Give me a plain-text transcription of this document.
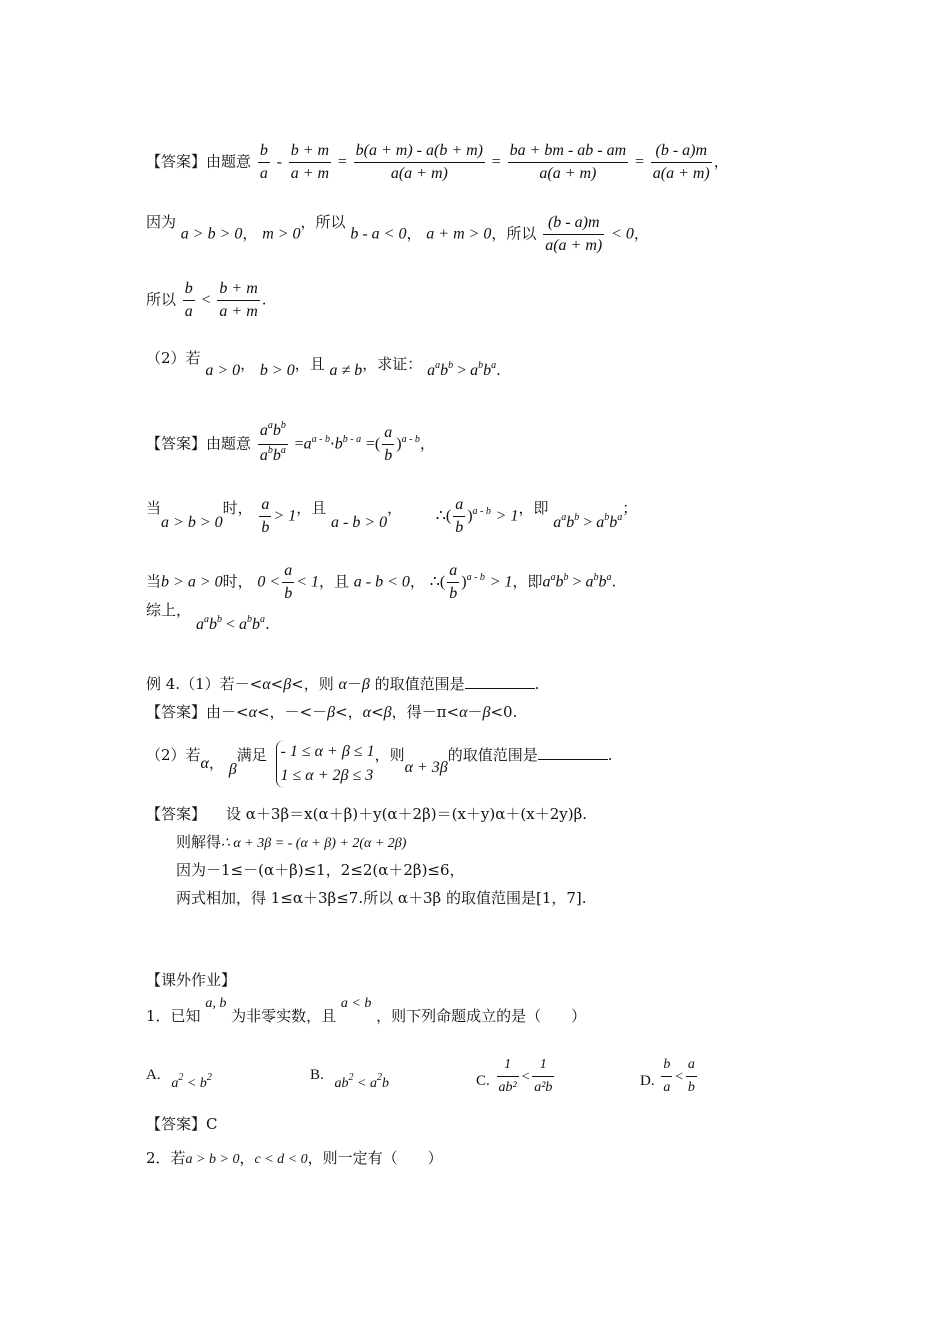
【答案】由题意 $\frac{b}{a} - \frac{b + m}{a + m} = \frac{b(a + m) - a(b + m)}{a(a + m)} = \frac{ba + bm - ab - am}{a(a + m)} = \frac{(b - a)m}{a(a + m)}$ ，
因为 a > b > 0， m > 0，所以 b - a < 0， a + m > 0，所以 $\frac{(b - a)m}{a(a + m)} < 0$，
所以 $\frac{b}{a} < \frac{b + m}{a + m}$ .
（2）若 a > 0， b > 0，且 a ≠ b，求证： $a^ab^b > a^bb^a$.
【答案】由题意 $\frac{a^ab^b}{a^bb^a} =a^{a - b}\cdot b^{b - a}$ =( $\frac{a}{b} )^{a - b}$，
当a > b > 0时， $\frac{a}{b} > 1$，且 a - b > 0， ∴( $\frac{a}{b} )^{a - b} > 1$，即 $a^ab^b > a^bb^a$；
当b > a > 0时， $0 < \frac{a}{b} < 1$，且 a - b < 0， ∴( $\frac{a}{b} )^{a - b} > 1$，即$a^ab^b > a^bb^a$.
综上，
$a^ab^b < a^bb^a$.
例 4.（1）若－<α<β<，则 α－β 的取值范围是	.
【答案】由－<α<，－<－β<，α<β，得－π<α－β<0.
（2）若α， β满足 - 1 ≤ α + β ≤ 1
1 ≤ α + 2β ≤ 3
，则α + 3β的取值范围是	.
【答案】 设 α＋3β＝x(α＋β)＋y(α＋2β)＝(x＋y)α＋(x＋2y)β.
则解得∴ α + 3β = - (α + β) + 2(α + 2β)
因为－1≤－(α＋β)≤1，2≤2(α＋2β)≤6，
两式相加，得 1≤α＋3β≤7.所以 α＋3β 的取值范围是[1，7].
【课外作业】
1．已知 a, b 为非零实数，且 a < b ，则下列命题成立的是（　　）
A. $a^2 < b^2$	B. $ab^2 < a^2b$	C. $\frac{1}{\text{ab²}} < \frac{1}{\text{a²b}}$	D. $\frac{b}{a} < \frac{a}{b}$
【答案】C
2．若a > b > 0，c < d < 0，则一定有（　　）
